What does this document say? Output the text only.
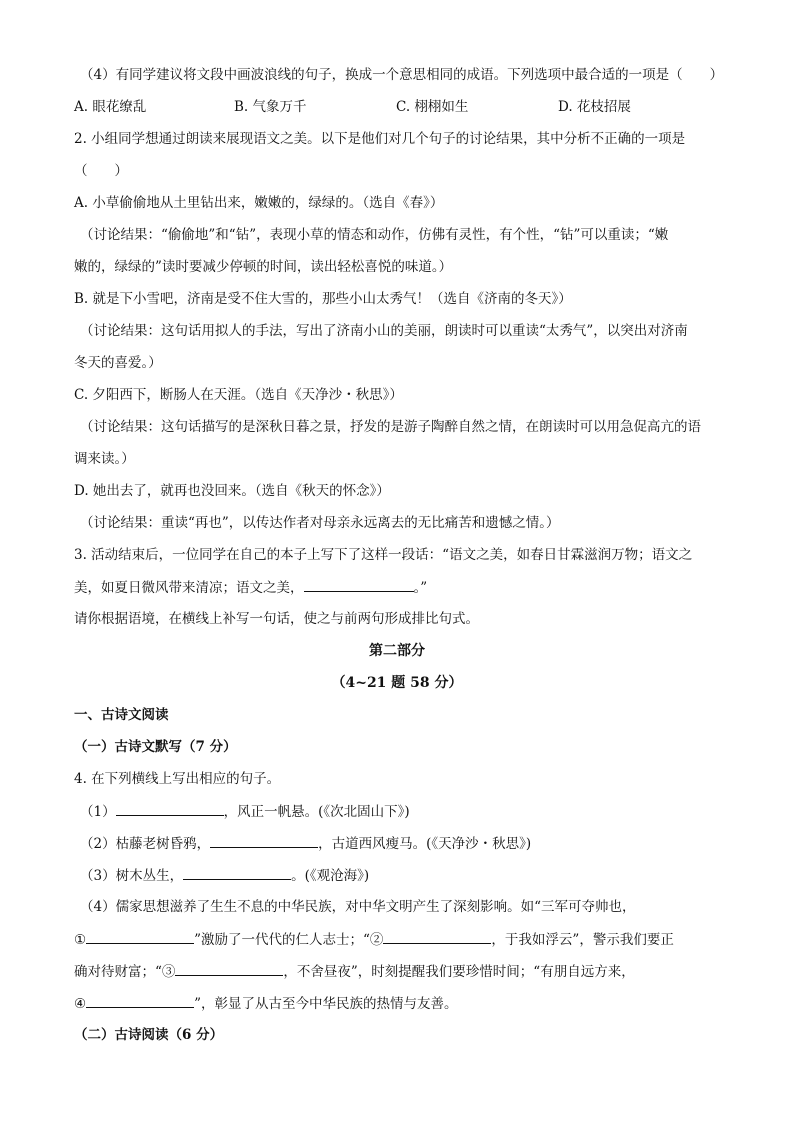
（4）有同学建议将文段中画波浪线的句子，换成一个意思相同的成语。下列选项中最合适的一项是（　　）
A. 眼花缭乱	B. 气象万千	C. 栩栩如生	D. 花枝招展
2. 小组同学想通过朗读来展现语文之美。以下是他们对几个句子的讨论结果，其中分析不正确的一项是
（　　）
A. 小草偷偷地从土里钻出来，嫩嫩的，绿绿的。（选自《春》）
（讨论结果：“偷偷地”和“钻”，表现小草的情态和动作，仿佛有灵性，有个性，“钻”可以重读；“嫩
嫩的，绿绿的”读时要减少停顿的时间，读出轻松喜悦的味道。）
B. 就是下小雪吧，济南是受不住大雪的，那些小山太秀气！（选自《济南的冬天》）
（讨论结果：这句话用拟人的手法，写出了济南小山的美丽，朗读时可以重读“太秀气”，以突出对济南
冬天的喜爱。）
C. 夕阳西下，断肠人在天涯。（选自《天净沙・秋思》）
（讨论结果：这句话描写的是深秋日暮之景，抒发的是游子陶醉自然之情，在朗读时可以用急促高亢的语
调来读。）
D. 她出去了，就再也没回来。（选自《秋天的怀念》）
（讨论结果：重读“再也”，以传达作者对母亲永远离去的无比痛苦和遗憾之情。）
3. 活动结束后，一位同学在自己的本子上写下了这样一段话：“语文之美，如春日甘霖滋润万物；语文之
美，如夏日微风带来清凉；语文之美，	。”
请你根据语境，在横线上补写一句话，使之与前两句形成排比句式。
第二部分
（4~21 题 58 分）
一、古诗文阅读
（一）古诗文默写（7 分）
4. 在下列横线上写出相应的句子。
（1）	，风正一帆悬。(《次北固山下》)
（2）枯藤老树昏鸦，	，古道西风瘦马。(《天净沙・秋思》)
（3）树木丛生，	。(《观沧海》)
（4）儒家思想滋养了生生不息的中华民族，对中华文明产生了深刻影响。如“三军可夺帅也，
①	”激励了一代代的仁人志士；“②	，于我如浮云”，警示我们要正
确对待财富；“③	，不舍昼夜”，时刻提醒我们要珍惜时间；“有朋自远方来，
④	”，彰显了从古至今中华民族的热情与友善。
（二）古诗阅读（6 分）
